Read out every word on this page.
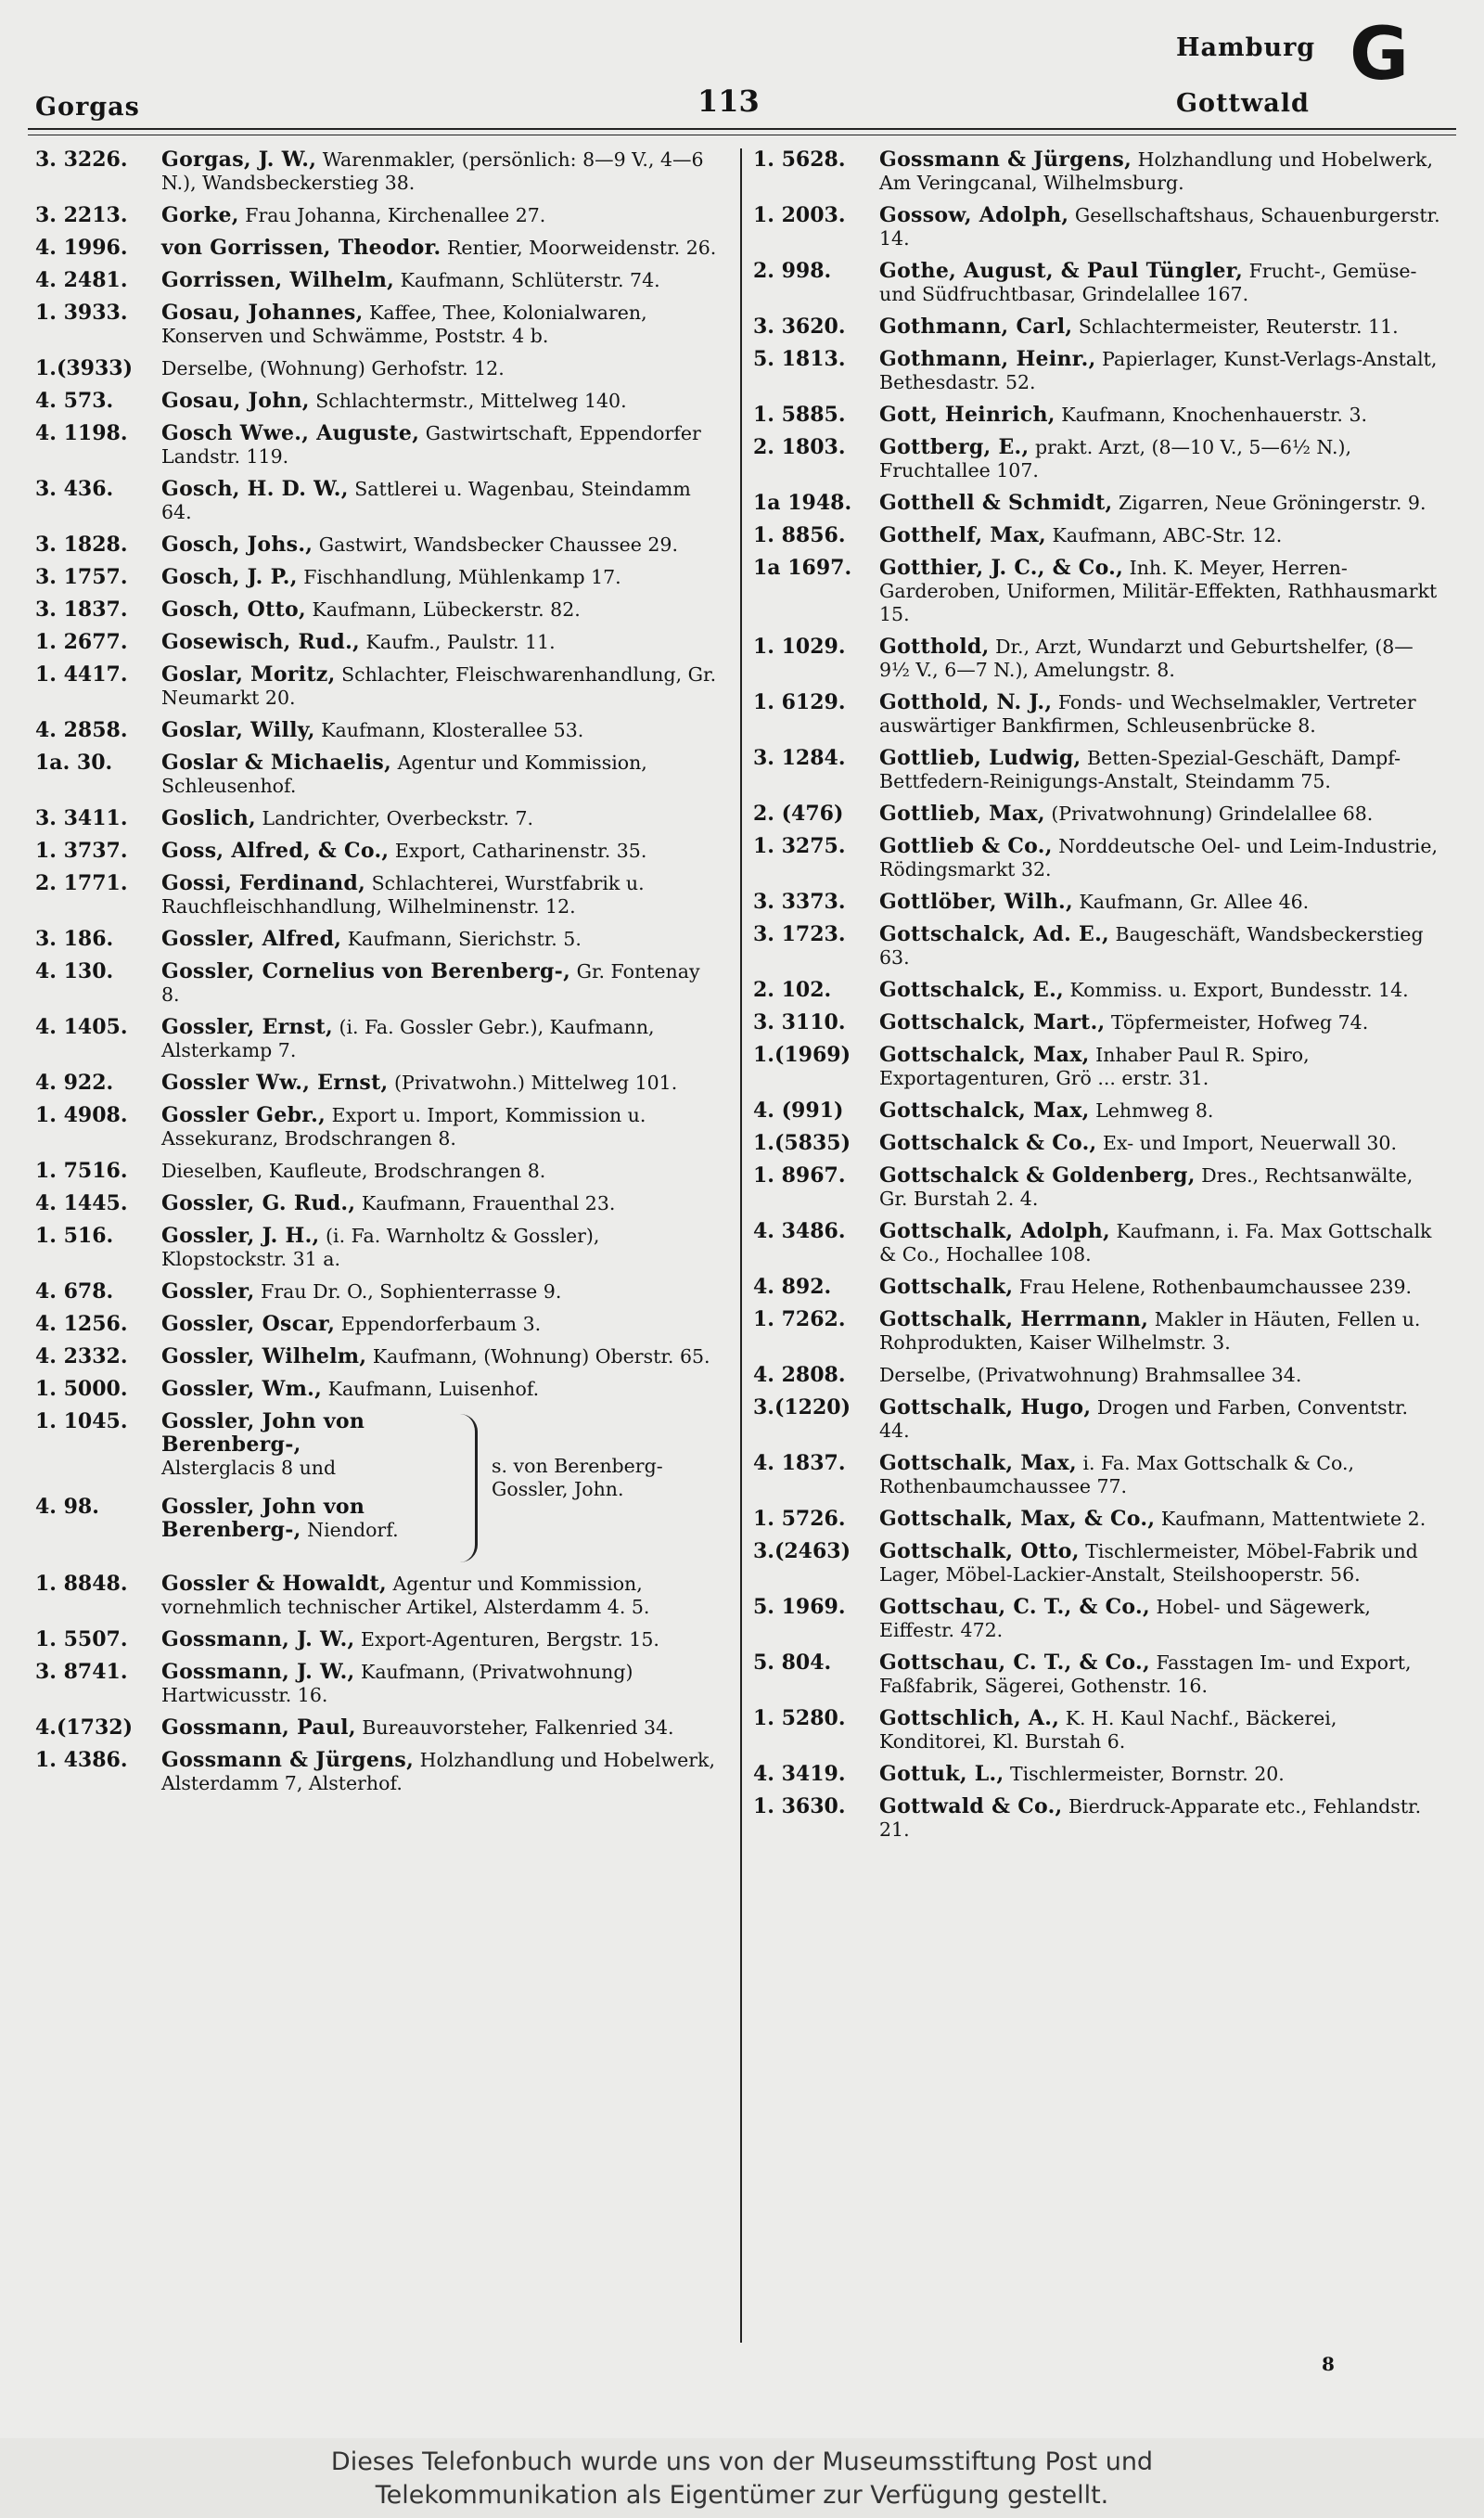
Gorgas	113
Hamburg
Gottwald
G
3. 3226.	Gorgas, J. W., Warenmakler, (persönlich: 8—9 V., 4—6 N.), Wandsbeckerstieg 38.
3. 2213.	Gorke, Frau Johanna, Kirchenallee 27.
4. 1996.	von Gorrissen, Theodor. Rentier, Moorweidenstr. 26.
4. 2481.	Gorrissen, Wilhelm, Kaufmann, Schlüterstr. 74.
1. 3933.	Gosau, Johannes, Kaffee, Thee, Kolonialwaren, Konserven und Schwämme, Poststr. 4 b.
1.(3933)	Derselbe, (Wohnung) Gerhofstr. 12.
4. 573.	Gosau, John, Schlachtermstr., Mittelweg 140.
4. 1198.	Gosch Wwe., Auguste, Gastwirtschaft, Eppendorfer Landstr. 119.
3. 436.	Gosch, H. D. W., Sattlerei u. Wagenbau, Steindamm 64.
3. 1828.	Gosch, Johs., Gastwirt, Wandsbecker Chaussee 29.
3. 1757.	Gosch, J. P., Fischhandlung, Mühlenkamp 17.
3. 1837.	Gosch, Otto, Kaufmann, Lübeckerstr. 82.
1. 2677.	Gosewisch, Rud., Kaufm., Paulstr. 11.
1. 4417.	Goslar, Moritz, Schlachter, Fleischwarenhandlung, Gr. Neumarkt 20.
4. 2858.	Goslar, Willy, Kaufmann, Klosterallee 53.
1a. 30.	Goslar & Michaelis, Agentur und Kommission, Schleusenhof.
3. 3411.	Goslich, Landrichter, Overbeckstr. 7.
1. 3737.	Goss, Alfred, & Co., Export, Catharinenstr. 35.
2. 1771.	Gossi, Ferdinand, Schlachterei, Wurstfabrik u. Rauchfleischhandlung, Wilhelminenstr. 12.
3. 186.	Gossler, Alfred, Kaufmann, Sierichstr. 5.
4. 130.	Gossler, Cornelius von Berenberg-, Gr. Fontenay 8.
4. 1405.	Gossler, Ernst, (i. Fa. Gossler Gebr.), Kaufmann, Alsterkamp 7.
4. 922.	Gossler Ww., Ernst, (Privatwohn.) Mittelweg 101.
1. 4908.	Gossler Gebr., Export u. Import, Kommission u. Assekuranz, Brodschrangen 8.
1. 7516.	Dieselben, Kaufleute, Brodschrangen 8.
4. 1445.	Gossler, G. Rud., Kaufmann, Frauenthal 23.
1. 516.	Gossler, J. H., (i. Fa. Warnholtz & Gossler), Klopstockstr. 31 a.
4. 678.	Gossler, Frau Dr. O., Sophienterrasse 9.
4. 1256.	Gossler, Oscar, Eppendorferbaum 3.
4. 2332.	Gossler, Wilhelm, Kaufmann, (Wohnung) Oberstr. 65.
1. 5000.	Gossler, Wm., Kaufmann, Luisenhof.
1. 1045.	Gossler, John von Berenberg-, Alsterglacis 8 und
4. 98.	Gossler, John von Berenberg-, Niendorf.
s. von Berenberg-Gossler, John.
1. 8848.	Gossler & Howaldt, Agentur und Kommission, vornehmlich technischer Artikel, Alsterdamm 4. 5.
1. 5507.	Gossmann, J. W., Export-Agenturen, Bergstr. 15.
3. 8741.	Gossmann, J. W., Kaufmann, (Privatwohnung) Hartwicusstr. 16.
4.(1732)	Gossmann, Paul, Bureauvorsteher, Falkenried 34.
1. 4386.	Gossmann & Jürgens, Holzhandlung und Hobelwerk, Alsterdamm 7, Alsterhof.
1. 5628.	Gossmann & Jürgens, Holzhandlung und Hobelwerk, Am Veringcanal, Wilhelmsburg.
1. 2003.	Gossow, Adolph, Gesellschaftshaus, Schauenburgerstr. 14.
2. 998.	Gothe, August, & Paul Tüngler, Frucht-, Gemüse- und Südfruchtbasar, Grindelallee 167.
3. 3620.	Gothmann, Carl, Schlachtermeister, Reuterstr. 11.
5. 1813.	Gothmann, Heinr., Papierlager, Kunst-Verlags-Anstalt, Bethesdastr. 52.
1. 5885.	Gott, Heinrich, Kaufmann, Knochenhauerstr. 3.
2. 1803.	Gottberg, E., prakt. Arzt, (8—10 V., 5—6½ N.), Fruchtallee 107.
1a 1948.	Gotthell & Schmidt, Zigarren, Neue Gröningerstr. 9.
1. 8856.	Gotthelf, Max, Kaufmann, ABC-Str. 12.
1a 1697.	Gotthier, J. C., & Co., Inh. K. Meyer, Herren-Garderoben, Uniformen, Militär-Effekten, Rathhausmarkt 15.
1. 1029.	Gotthold, Dr., Arzt, Wundarzt und Geburtshelfer, (8—9½ V., 6—7 N.), Amelungstr. 8.
1. 6129.	Gotthold, N. J., Fonds- und Wechselmakler, Vertreter auswärtiger Bankfirmen, Schleusenbrücke 8.
3. 1284.	Gottlieb, Ludwig, Betten-Spezial-Geschäft, Dampf-Bettfedern-Reinigungs-Anstalt, Steindamm 75.
2. (476)	Gottlieb, Max, (Privatwohnung) Grindelallee 68.
1. 3275.	Gottlieb & Co., Norddeutsche Oel- und Leim-Industrie, Rödingsmarkt 32.
3. 3373.	Gottlöber, Wilh., Kaufmann, Gr. Allee 46.
3. 1723.	Gottschalck, Ad. E., Baugeschäft, Wandsbeckerstieg 63.
2. 102.	Gottschalck, E., Kommiss. u. Export, Bundesstr. 14.
3. 3110.	Gottschalck, Mart., Töpfermeister, Hofweg 74.
1.(1969)	Gottschalck, Max, Inhaber Paul R. Spiro, Exportagenturen, Grö ... erstr. 31.
4. (991)	Gottschalck, Max, Lehmweg 8.
1.(5835)	Gottschalck & Co., Ex- und Import, Neuerwall 30.
1. 8967.	Gottschalck & Goldenberg, Dres., Rechtsanwälte, Gr. Burstah 2. 4.
4. 3486.	Gottschalk, Adolph, Kaufmann, i. Fa. Max Gottschalk & Co., Hochallee 108.
4. 892.	Gottschalk, Frau Helene, Rothenbaumchaussee 239.
1. 7262.	Gottschalk, Herrmann, Makler in Häuten, Fellen u. Rohprodukten, Kaiser Wilhelmstr. 3.
4. 2808.	Derselbe, (Privatwohnung) Brahmsallee 34.
3.(1220)	Gottschalk, Hugo, Drogen und Farben, Conventstr. 44.
4. 1837.	Gottschalk, Max, i. Fa. Max Gottschalk & Co., Rothenbaumchaussee 77.
1. 5726.	Gottschalk, Max, & Co., Kaufmann, Mattentwiete 2.
3.(2463)	Gottschalk, Otto, Tischlermeister, Möbel-Fabrik und Lager, Möbel-Lackier-Anstalt, Steilshooperstr. 56.
5. 1969.	Gottschau, C. T., & Co., Hobel- und Sägewerk, Eiffestr. 472.
5. 804.	Gottschau, C. T., & Co., Fasstagen Im- und Export, Faßfabrik, Sägerei, Gothenstr. 16.
1. 5280.	Gottschlich, A., K. H. Kaul Nachf., Bäckerei, Konditorei, Kl. Burstah 6.
4. 3419.	Gottuk, L., Tischlermeister, Bornstr. 20.
1. 3630.	Gottwald & Co., Bierdruck-Apparate etc., Fehlandstr. 21.
8
Dieses Telefonbuch wurde uns von der Museumsstiftung Post und
Telekommunikation als Eigentümer zur Verfügung gestellt.
